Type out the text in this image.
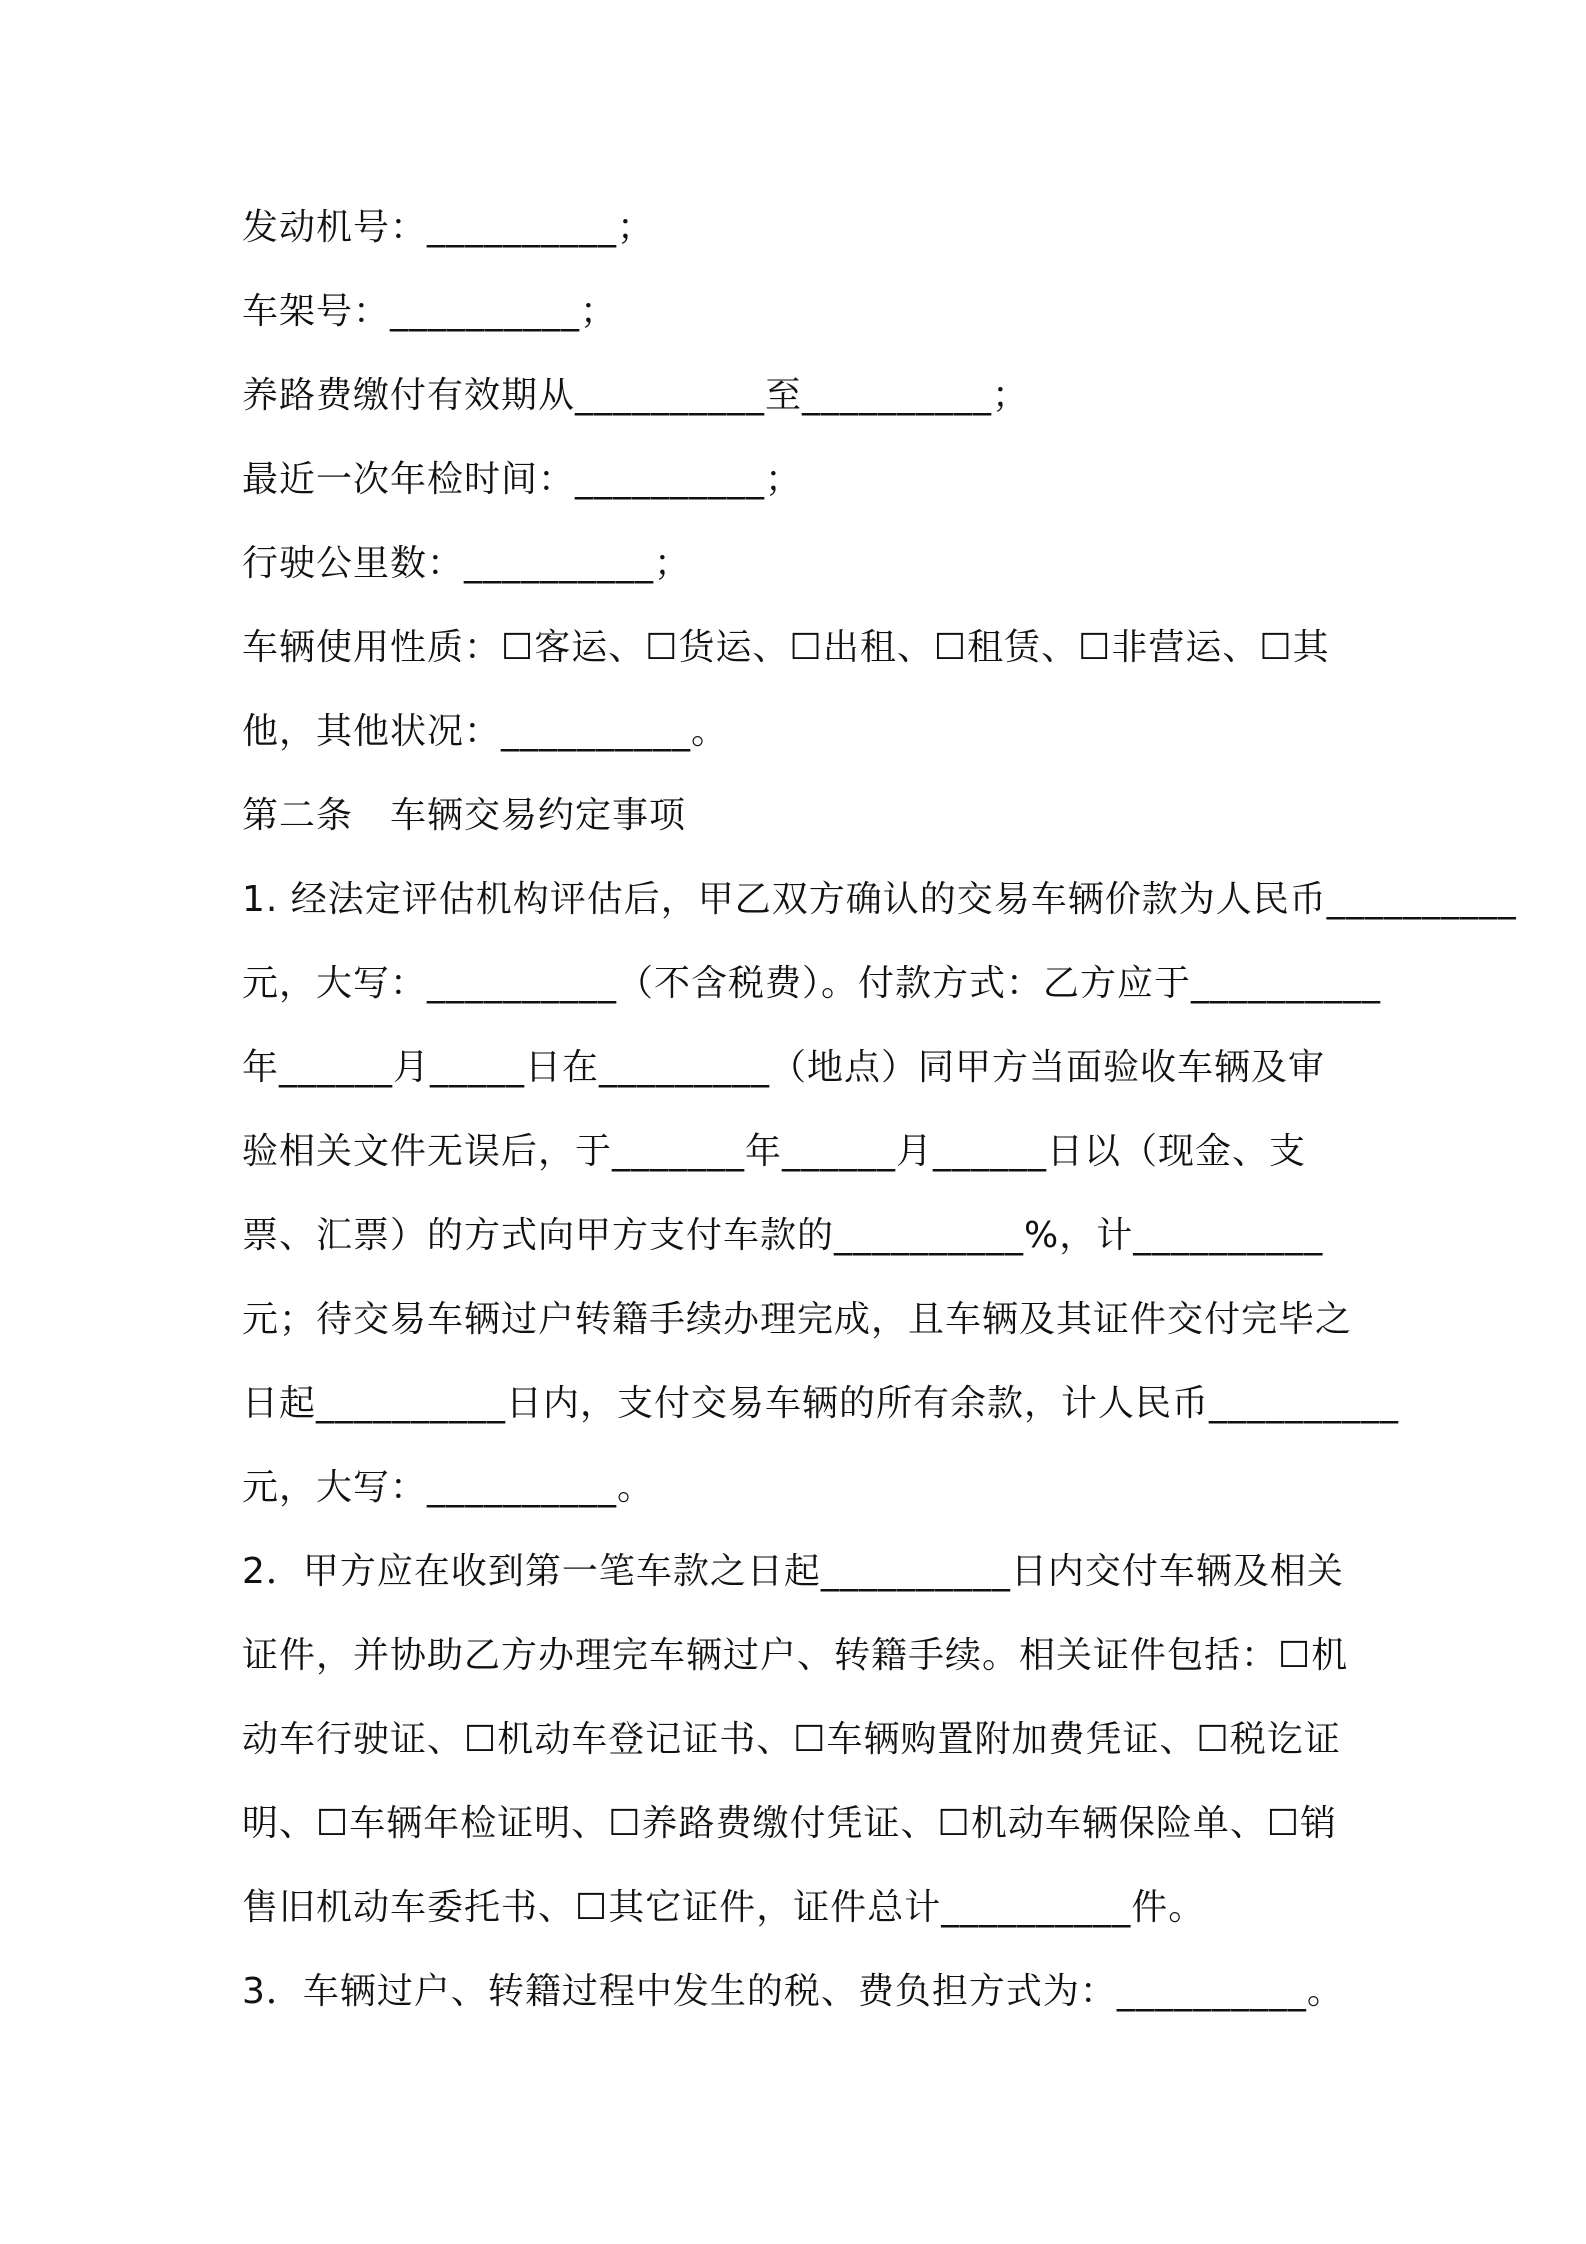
发动机号：__________；
车架号：__________；
养路费缴付有效期从__________至__________；
最近一次年检时间：__________；
行驶公里数：__________；
车辆使用性质：☐客运、☐货运、☐出租、☐租赁、☐非营运、☐其
他，其他状况：__________。
第二条　车辆交易约定事项
1. 经法定评估机构评估后，甲乙双方确认的交易车辆价款为人民币__________
元，大写：__________（不含税费）。付款方式：乙方应于__________
年______月_____日在_________（地点）同甲方当面验收车辆及审
验相关文件无误后，于_______年______月______日以（现金、支
票、汇票）的方式向甲方支付车款的__________%，计__________
元；待交易车辆过户转籍手续办理完成，且车辆及其证件交付完毕之
日起__________日内，支付交易车辆的所有余款，计人民币__________
元，大写：__________。
2．甲方应在收到第一笔车款之日起__________日内交付车辆及相关
证件，并协助乙方办理完车辆过户、转籍手续。相关证件包括：☐机
动车行驶证、☐机动车登记证书、☐车辆购置附加费凭证、☐税讫证
明、☐车辆年检证明、☐养路费缴付凭证、☐机动车辆保险单、☐销
售旧机动车委托书、☐其它证件，证件总计__________件。
3．车辆过户、转籍过程中发生的税、费负担方式为：__________。
